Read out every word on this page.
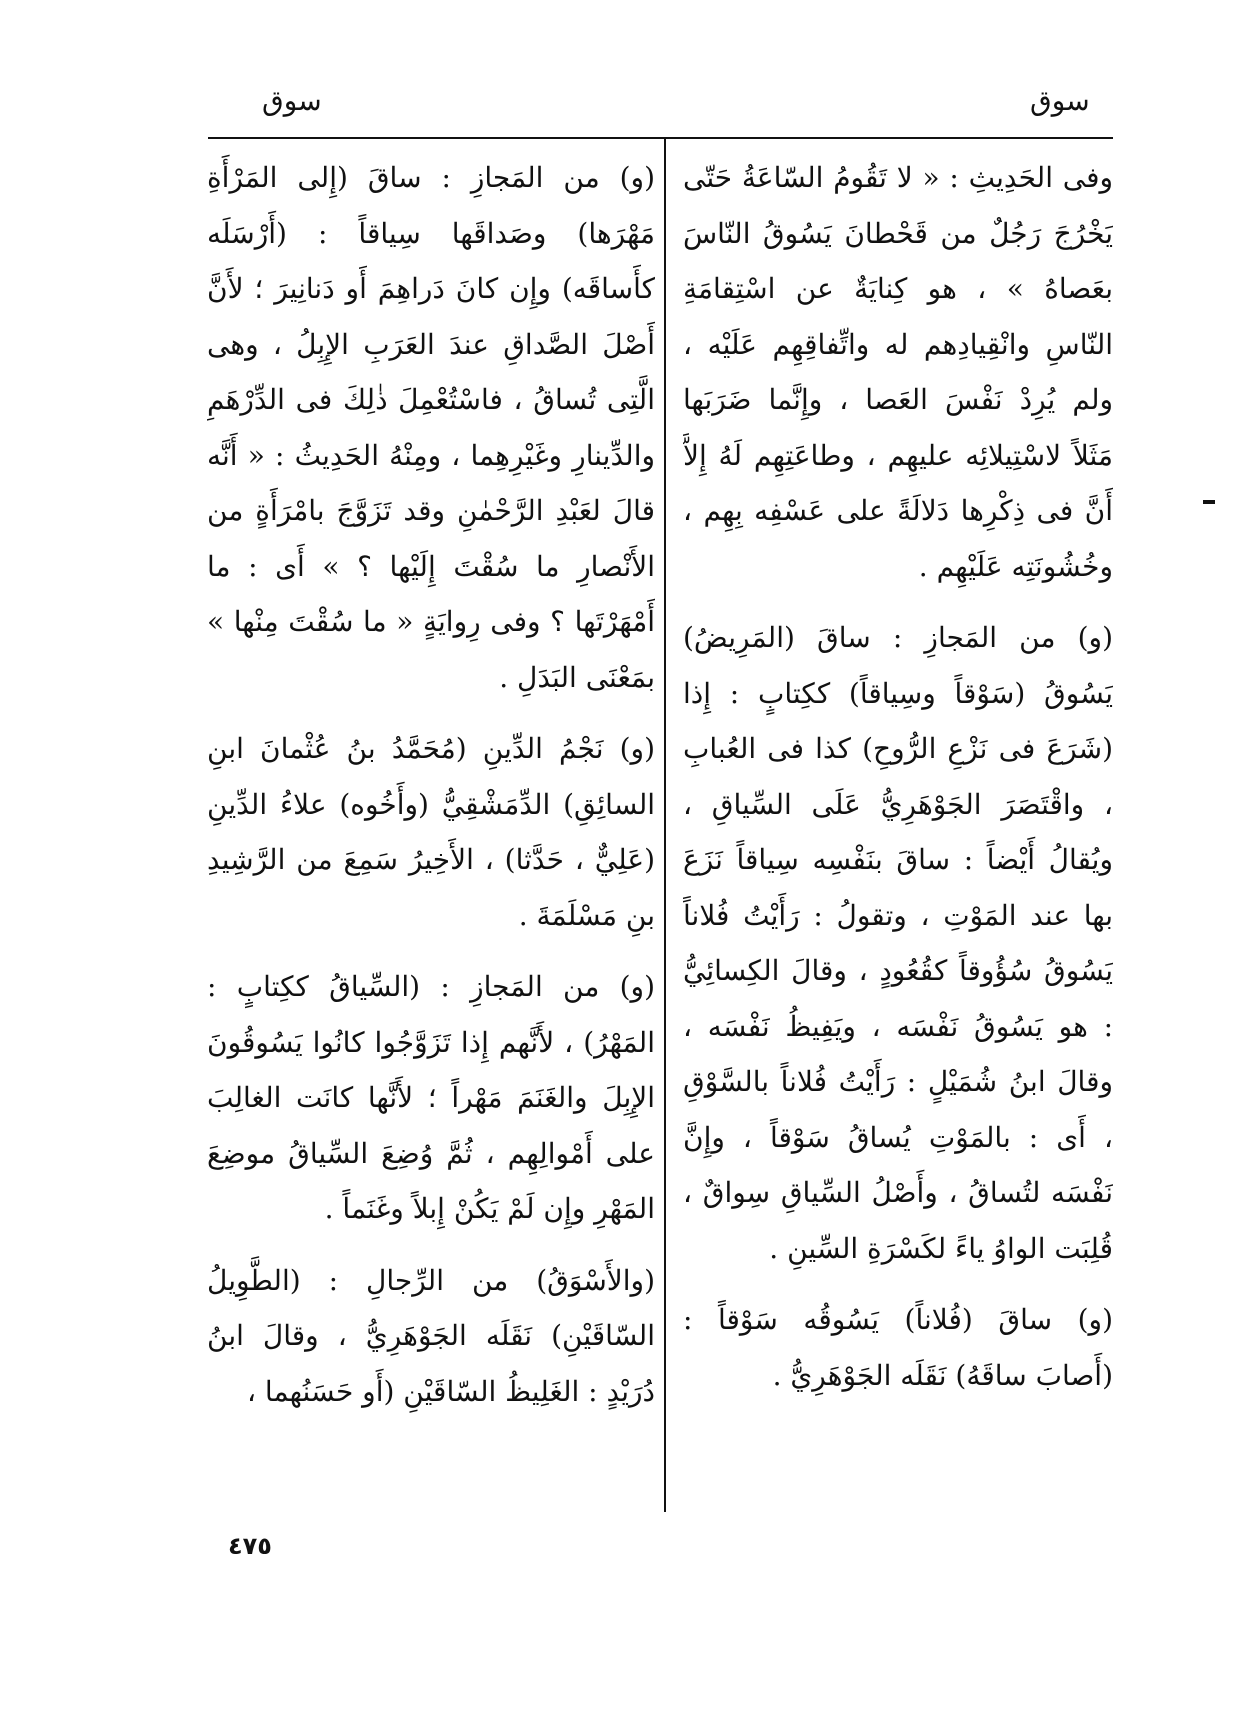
سوق
سوق

وفى الحَدِيثِ : « لا تَقُومُ السّاعَةُ حَتّى يَخْرُجَ رَجُلٌ من قَحْطانَ يَسُوقُ النّاسَ بعَصاهُ » ، هو كِنايَةٌ عن اسْتِقامَةِ النّاسِ وانْقِيادِهم له واتِّفاقِهِم عَلَيْه ، ولم يُرِدْ نَفْسَ العَصا ، وإِنَّما ضَرَبَها مَثَلاً لاسْتِيلائِه عليهِم ، وطاعَتِهِم لَهُ إِلاَّ أَنَّ فى ذِكْرِها دَلالَةً على عَسْفِه بِهِم ، وخُشُونَتِه عَلَيْهِم .

(و) من المَجازِ : ساقَ (المَرِيضُ) يَسُوقُ (سَوْقاً وسِياقاً) ككِتابٍ : إِذا (شَرَعَ فى نَزْعِ الرُّوحِ) كذا فى العُبابِ ، واقْتَصَرَ الجَوْهَرِيُّ عَلَى السِّياقِ ، ويُقالُ أَيْضاً : ساقَ بنَفْسِه سِياقاً نَزَعَ بها عند المَوْتِ ، وتقولُ : رَأَيْتُ فُلاناً يَسُوقُ سُؤُوقاً كقُعُودٍ ، وقالَ الكِسائِيُّ : هو يَسُوقُ نَفْسَه ، ويَفِيظُ نَفْسَه ، وقالَ ابنُ شُمَيْلٍ : رَأَيْتُ فُلاناً بالسَّوْقِ ، أَى : بالمَوْتِ يُساقُ سَوْقاً ، وإِنَّ نَفْسَه لتُساقُ ، وأَصْلُ السِّياقِ سِواقٌ ، قُلِبَت الواوُ ياءً لكَسْرَةِ السِّينِ .

(و) ساقَ (فُلاناً) يَسُوقُه سَوْقاً : (أَصابَ ساقَهُ) نَقَلَه الجَوْهَرِيُّ .

(و) من المَجازِ : ساقَ (إِلى المَرْأَةِ مَهْرَها) وصَداقَها سِياقاً : (أَرْسَلَه كأَساقَه) وإِن كانَ دَراهِمَ أَو دَنانِيرَ ؛ لأَنَّ أَصْلَ الصَّداقِ عندَ العَرَبِ الإِبِلُ ، وهى الَّتِى تُساقُ ، فاسْتُعْمِلَ ذٰلِكَ فى الدِّرْهَمِ والدِّينارِ وغَيْرِهِما ، ومِنْهُ الحَدِيثُ : « أَنَّه قالَ لعَبْدِ الرَّحْمٰنِ وقد تَزَوَّجَ بامْرَأَةٍ من الأَنْصارِ ما سُقْتَ إِلَيْها ؟ » أَى : ما أَمْهَرْتَها ؟ وفى رِوايَةٍ « ما سُقْتَ مِنْها » بمَعْنَى البَدَلِ .

(و) نَجْمُ الدِّينِ (مُحَمَّدُ بنُ عُثْمانَ ابنِ السائِقِ) الدِّمَشْقِيُّ (وأَخُوه) علاءُ الدِّينِ (عَلِيٌّ ، حَدَّثا) ، الأَخِيرُ سَمِعَ من الرَّشِيدِ بنِ مَسْلَمَةَ .

(و) من المَجازِ : (السِّياقُ ككِتابٍ : المَهْرُ) ، لأَنَّهم إِذا تَزَوَّجُوا كانُوا يَسُوقُونَ الإِبِلَ والغَنَمَ مَهْراً ؛ لأَنَّها كانَت الغالِبَ على أَمْوالِهِم ، ثُمَّ وُضِعَ السِّياقُ موضِعَ المَهْرِ وإِن لَمْ يَكُنْ إِبلاً وغَنَماً .

(والأَسْوَقُ) من الرِّجالِ : (الطَّوِيلُ السّاقَيْنِ) نَقَلَه الجَوْهَرِيُّ ، وقالَ ابنُ دُرَيْدٍ : الغَلِيظُ السّاقَيْنِ (أَو حَسَنُهما ،

٤٧٥
